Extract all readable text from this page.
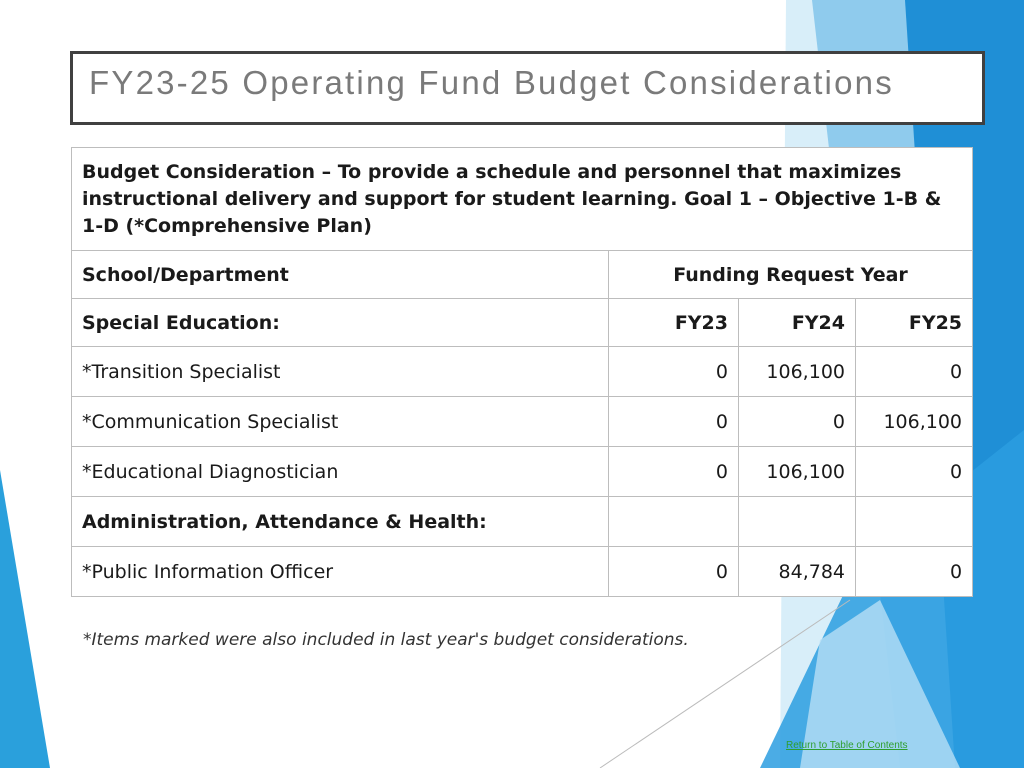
FY23-25 Operating Fund Budget Considerations
Budget Consideration – To provide a schedule and personnel that maximizes instructional delivery and support for student learning. Goal 1 – Objective 1-B & 1-D (*Comprehensive Plan)			
School/Department	Funding Request Year		
Special Education:	FY23	FY24	FY25
*Transition Specialist	0	106,100	0
*Communication Specialist	0	0	106,100
*Educational Diagnostician	0	106,100	0
Administration, Attendance & Health:			
*Public Information Officer	0	84,784	0
*Items marked were also included in last year's budget considerations.
Return to Table of Contents
